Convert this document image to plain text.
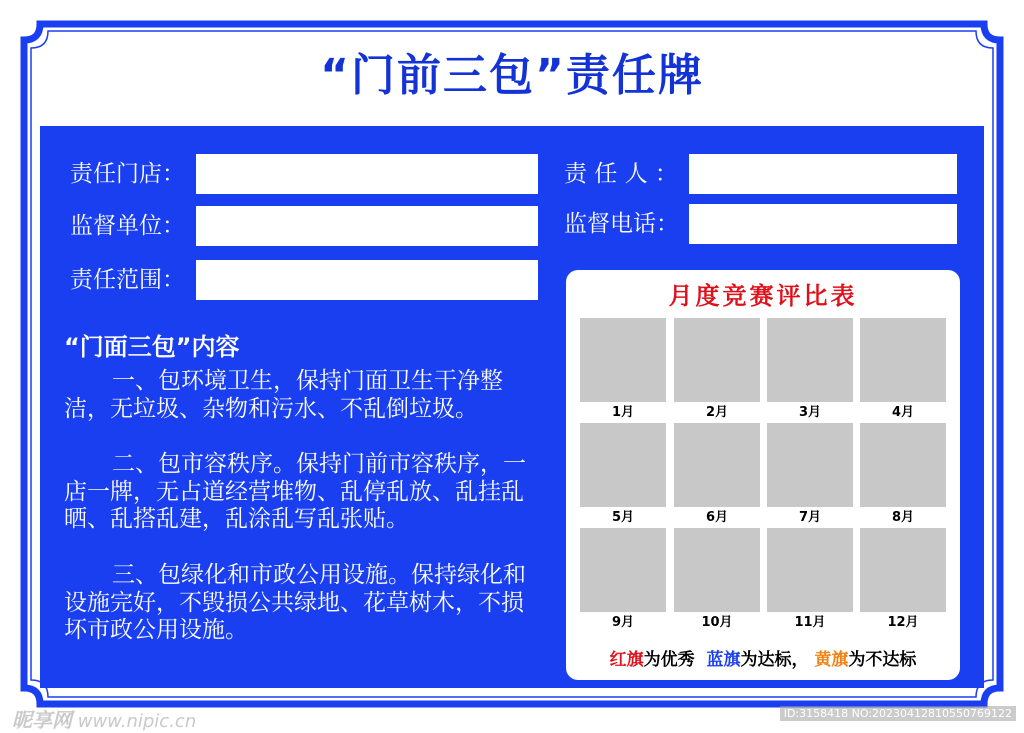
“门前三包”责任牌
责任门店：	责 任 人 ：
监督单位：	监督电话：
责任范围：
“门面三包”内容
一、包环境卫生，保持门面卫生干净整洁，无垃圾、杂物和污水、不乱倒垃圾。
二、包市容秩序。保持门前市容秩序，一店一牌，无占道经营堆物、乱停乱放、乱挂乱晒、乱搭乱建，乱涂乱写乱张贴。
三、包绿化和市政公用设施。保持绿化和设施完好，不毁损公共绿地、花草树木，不损坏市政公用设施。
月度竞赛评比表
1月	2月	3月	4月
5月	6月	7月	8月
9月	10月	11月	12月
红旗为优秀 蓝旗为达标， 黄旗为不达标
昵享网 www.nipic.cn	ID:3158418 NO:20230412810550769122
